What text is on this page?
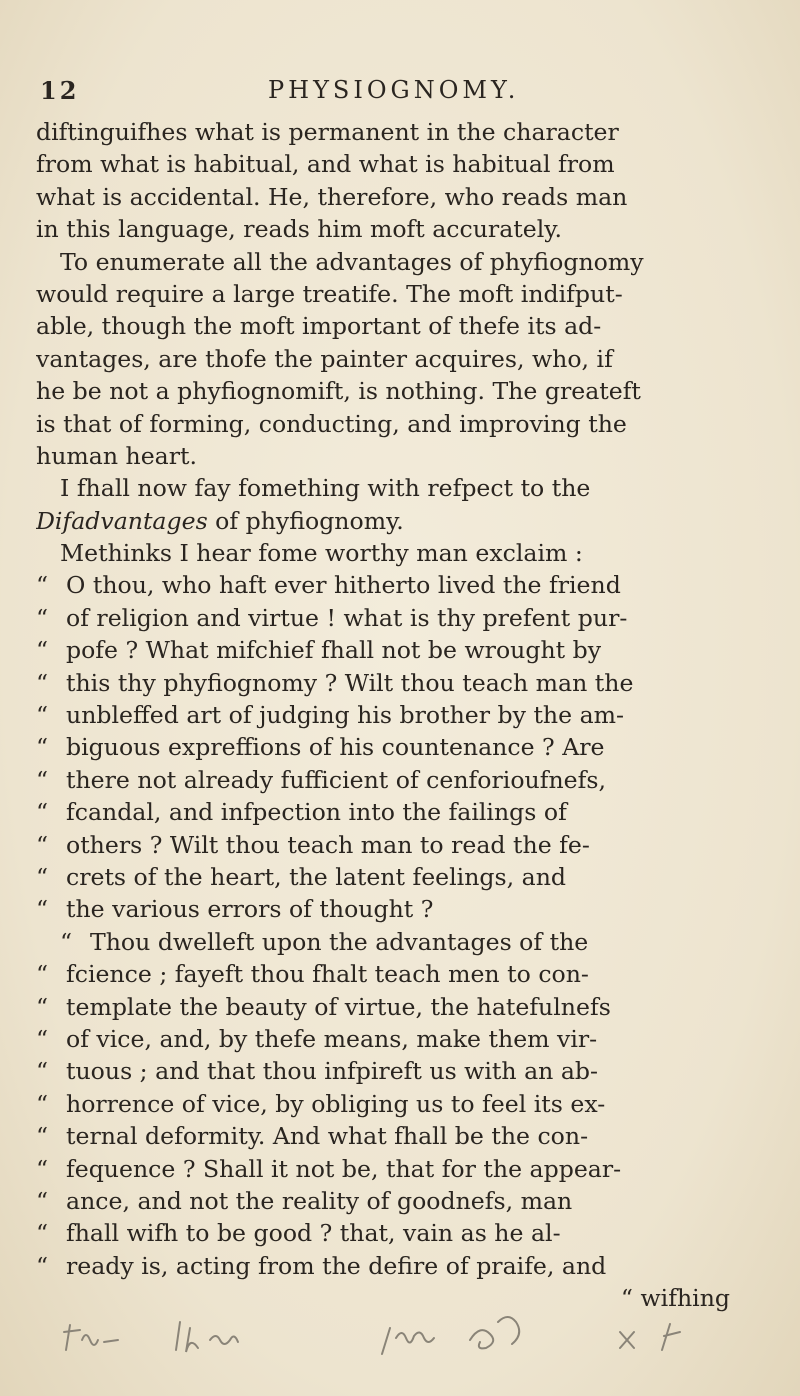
12	PHYSIOGNOMY.
diftinguifhes what is permanent in the character
from what is habitual, and what is habitual from
what is accidental. He, therefore, who reads man
in this language, reads him moft accurately.
To enumerate all the advantages of phyfiognomy
would require a large treatife. The moft indifput-
able, though the moft important of thefe its ad-
vantages, are thofe the painter acquires, who, if
he be not a phyfiognomift, is nothing. The greateft
is that of forming, conducting, and improving the
human heart.
I fhall now fay fomething with refpect to the
Difadvantages of phyfiognomy.
Methinks I hear fome worthy man exclaim :
“ O thou, who haft ever hitherto lived the friend
“ of religion and virtue ! what is thy prefent pur-
“ pofe ? What mifchief fhall not be wrought by
“ this thy phyfiognomy ? Wilt thou teach man the
“ unbleffed art of judging his brother by the am-
“ biguous expreffions of his countenance ? Are
“ there not already fufficient of cenforioufnefs,
“ fcandal, and infpection into the failings of
“ others ? Wilt thou teach man to read the fe-
“ crets of the heart, the latent feelings, and
“ the various errors of thought ?
“ Thou dwelleft upon the advantages of the
“ fcience ; fayeft thou fhalt teach men to con-
“ template the beauty of virtue, the hatefulnefs
“ of vice, and, by thefe means, make them vir-
“ tuous ; and that thou infpireft us with an ab-
“ horrence of vice, by obliging us to feel its ex-
“ ternal deformity. And what fhall be the con-
“ fequence ? Shall it not be, that for the appear-
“ ance, and not the reality of goodnefs, man
“ fhall wifh to be good ? that, vain as he al-
“ ready is, acting from the defire of praife, and
“ wifhing
